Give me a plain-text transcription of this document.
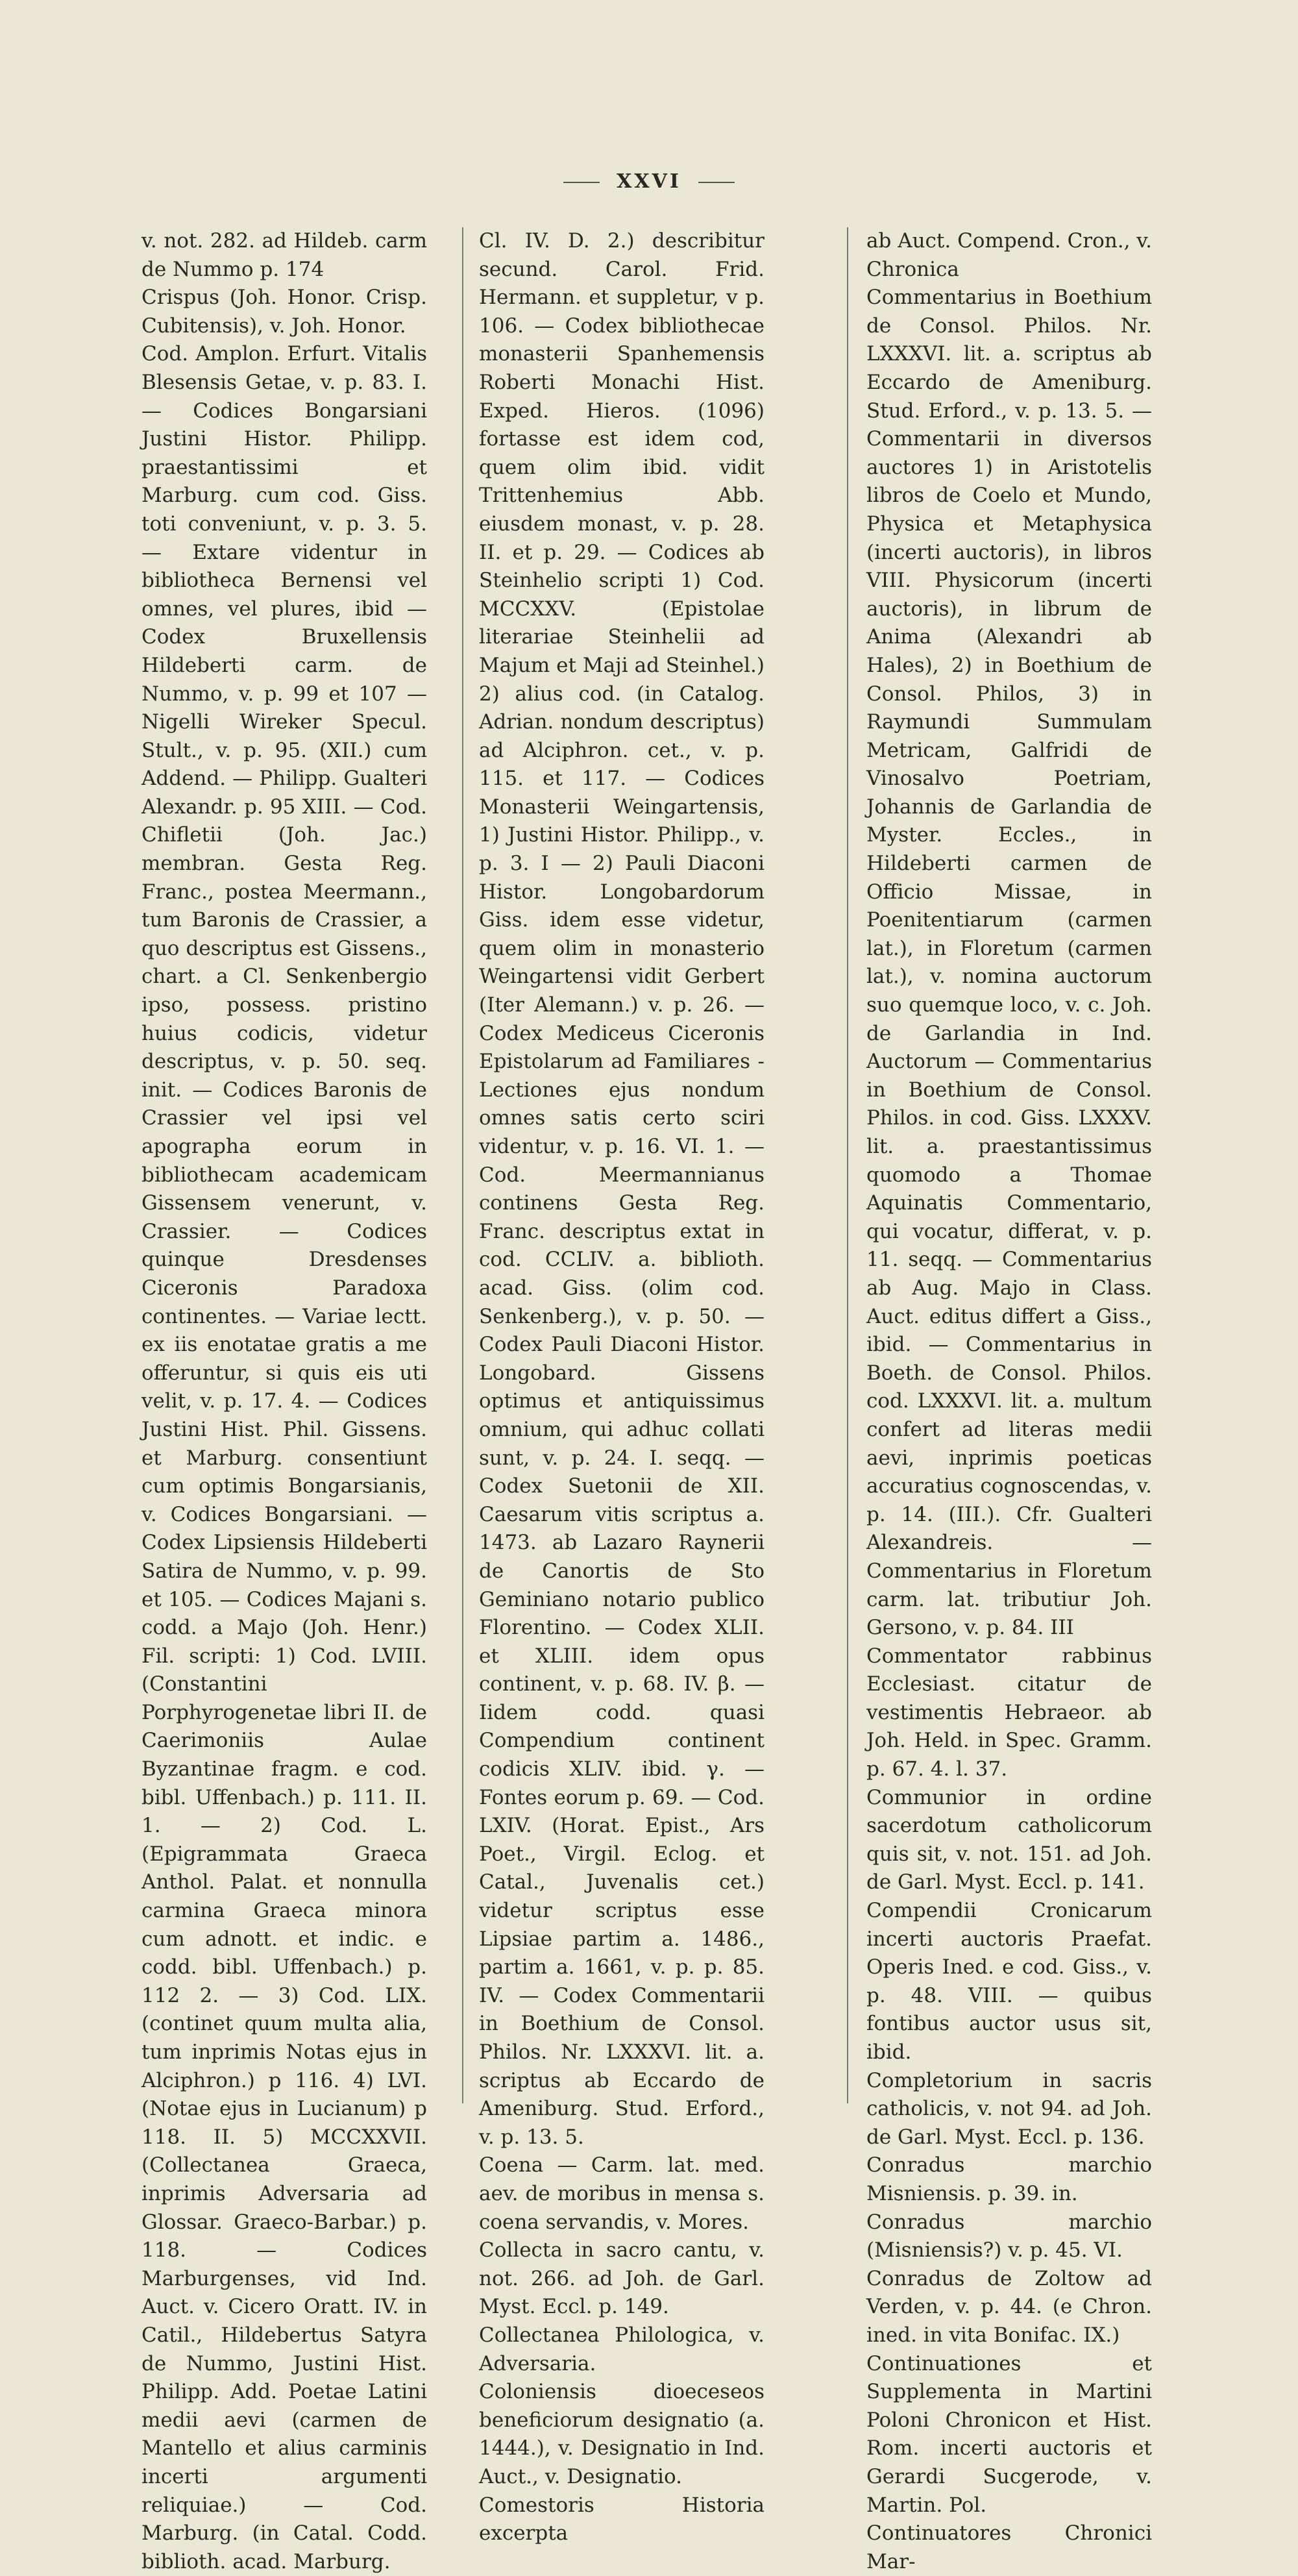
XXVI
v. not. 282. ad Hildeb. carm de Nummo p. 174
Crispus (Joh. Honor. Crisp. Cubitensis), v. Joh. Honor.
Cod. Amplon. Erfurt. Vitalis Blesensis Getae, v. p. 83. I. — Codices Bongarsiani Justini Histor. Philipp. praestantissimi et Marburg. cum cod. Giss. toti conveniunt, v. p. 3. 5. — Extare videntur in bibliotheca Bernensi vel omnes, vel plures, ibid — Codex Bruxellensis Hildeberti carm. de Nummo, v. p. 99 et 107 — Nigelli Wireker Specul. Stult., v. p. 95. (XII.) cum Addend. — Philipp. Gualteri Alexandr. p. 95 XIII. — Cod. Chifletii (Joh. Jac.) membran. Gesta Reg. Franc., postea Meermann., tum Baronis de Crassier, a quo descriptus est Gissens., chart. a Cl. Senkenbergio ipso, possess. pristino huius codicis, videtur descriptus, v. p. 50. seq. init. — Codices Baronis de Crassier vel ipsi vel apographa eorum in bibliothecam academicam Gissensem venerunt, v. Crassier. — Codices quinque Dresdenses Ciceronis Paradoxa continentes. — Variae lectt. ex iis enotatae gratis a me offeruntur, si quis eis uti velit, v. p. 17. 4. — Codices Justini Hist. Phil. Gissens. et Marburg. consentiunt cum optimis Bongarsianis, v. Codices Bongarsiani. — Codex Lipsiensis Hildeberti Satira de Nummo, v. p. 99. et 105. — Codices Majani s. codd. a Majo (Joh. Henr.) Fil. scripti: 1) Cod. LVIII. (Constantini Porphyrogenetae libri II. de Caerimoniis Aulae Byzantinae fragm. e cod. bibl. Uffenbach.) p. 111. II. 1. — 2) Cod. L. (Epigrammata Graeca Anthol. Palat. et nonnulla carmina Graeca minora cum adnott. et indic. e codd. bibl. Uffenbach.) p. 112 2. — 3) Cod. LIX. (continet quum multa alia, tum inprimis Notas ejus in Alciphron.) p 116. 4) LVI. (Notae ejus in Lucianum) p 118. II. 5) MCCXXVII. (Collectanea Graeca, inprimis Adversaria ad Glossar. Graeco-Barbar.) p. 118. — Codices Marburgenses, vid Ind. Auct. v. Cicero Oratt. IV. in Catil., Hildebertus Satyra de Nummo, Justini Hist. Philipp. Add. Poetae Latini medii aevi (carmen de Mantello et alius carminis incerti argumenti reliquiae.) — Cod. Marburg. (in Catal. Codd. biblioth. acad. Marburg.
Cl. IV. D. 2.) describitur secund. Carol. Frid. Hermann. et suppletur, v p. 106. — Codex bibliothecae monasterii Spanhemensis Roberti Monachi Hist. Exped. Hieros. (1096) fortasse est idem cod, quem olim ibid. vidit Trittenhemius Abb. eiusdem monast, v. p. 28. II. et p. 29. — Codices ab Steinhelio scripti 1) Cod. MCCXXV. (Epistolae literariae Steinhelii ad Majum et Maji ad Steinhel.) 2) alius cod. (in Catalog. Adrian. nondum descriptus) ad Alciphron. cet., v. p. 115. et 117. — Codices Monasterii Weingartensis, 1) Justini Histor. Philipp., v. p. 3. I — 2) Pauli Diaconi Histor. Longobardorum Giss. idem esse videtur, quem olim in monasterio Weingartensi vidit Gerbert (Iter Alemann.) v. p. 26. — Codex Mediceus Ciceronis Epistolarum ad Familiares - Lectiones ejus nondum omnes satis certo sciri videntur, v. p. 16. VI. 1. — Cod. Meermannianus continens Gesta Reg. Franc. descriptus extat in cod. CCLIV. a. biblioth. acad. Giss. (olim cod. Senkenberg.), v. p. 50. — Codex Pauli Diaconi Histor. Longobard. Gissens optimus et antiquissimus omnium, qui adhuc collati sunt, v. p. 24. I. seqq. — Codex Suetonii de XII. Caesarum vitis scriptus a. 1473. ab Lazaro Raynerii de Canortis de Sto Geminiano notario publico Florentino. — Codex XLII. et XLIII. idem opus continent, v. p. 68. IV. β. — Iidem codd. quasi Compendium continent codicis XLIV. ibid. γ. — Fontes eorum p. 69. — Cod. LXIV. (Horat. Epist., Ars Poet., Virgil. Eclog. et Catal., Juvenalis cet.) videtur scriptus esse Lipsiae partim a. 1486., partim a. 1661, v. p. p. 85. IV. — Codex Commentarii in Boethium de Consol. Philos. Nr. LXXXVI. lit. a. scriptus ab Eccardo de Ameniburg. Stud. Erford., v. p. 13. 5.
Coena — Carm. lat. med. aev. de moribus in mensa s. coena servandis, v. Mores.
Collecta in sacro cantu, v. not. 266. ad Joh. de Garl. Myst. Eccl. p. 149.
Collectanea Philologica, v. Adversaria.
Coloniensis dioeceseos beneficiorum designatio (a. 1444.), v. Designatio in Ind. Auct., v. Designatio.
Comestoris Historia excerpta
ab Auct. Compend. Cron., v. Chronica
Commentarius in Boethium de Consol. Philos. Nr. LXXXVI. lit. a. scriptus ab Eccardo de Ameniburg. Stud. Erford., v. p. 13. 5. — Commentarii in diversos auctores 1) in Aristotelis libros de Coelo et Mundo, Physica et Metaphysica (incerti auctoris), in libros VIII. Physicorum (incerti auctoris), in librum de Anima (Alexandri ab Hales), 2) in Boethium de Consol. Philos, 3) in Raymundi Summulam Metricam, Galfridi de Vinosalvo Poetriam, Johannis de Garlandia de Myster. Eccles., in Hildeberti carmen de Officio Missae, in Poenitentiarum (carmen lat.), in Floretum (carmen lat.), v. nomina auctorum suo quemque loco, v. c. Joh. de Garlandia in Ind. Auctorum — Commentarius in Boethium de Consol. Philos. in cod. Giss. LXXXV. lit. a. praestantissimus quomodo a Thomae Aquinatis Commentario, qui vocatur, differat, v. p. 11. seqq. — Commentarius ab Aug. Majo in Class. Auct. editus differt a Giss., ibid. — Commentarius in Boeth. de Consol. Philos. cod. LXXXVI. lit. a. multum confert ad literas medii aevi, inprimis poeticas accuratius cognoscendas, v. p. 14. (III.). Cfr. Gualteri Alexandreis. — Commentarius in Floretum carm. lat. tributiur Joh. Gersono, v. p. 84. III
Commentator rabbinus Ecclesiast. citatur de vestimentis Hebraeor. ab Joh. Held. in Spec. Gramm. p. 67. 4. l. 37.
Communior in ordine sacerdotum catholicorum quis sit, v. not. 151. ad Joh. de Garl. Myst. Eccl. p. 141.
Compendii Cronicarum incerti auctoris Praefat. Operis Ined. e cod. Giss., v. p. 48. VIII. — quibus fontibus auctor usus sit, ibid.
Completorium in sacris catholicis, v. not 94. ad Joh. de Garl. Myst. Eccl. p. 136.
Conradus marchio Misniensis. p. 39. in.
Conradus marchio (Misniensis?) v. p. 45. VI.
Conradus de Zoltow ad Verden, v. p. 44. (e Chron. ined. in vita Bonifac. IX.)
Continuationes et Supplementa in Martini Poloni Chronicon et Hist. Rom. incerti auctoris et Gerardi Sucgerode, v. Martin. Pol.
Continuatores Chronici Mar-
